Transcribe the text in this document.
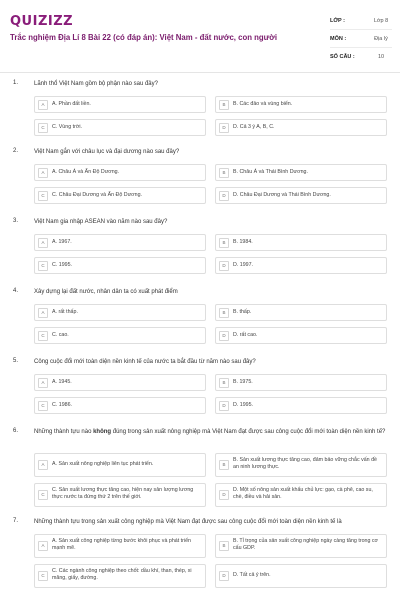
QUIZIZZ
Trắc nghiệm Địa Lí 8 Bài 22 (có đáp án): Việt Nam - đất nước, con người
LỚP :	Lớp 8
MÔN :	Địa lý
SỐ CÂU :	10
1.	Lãnh thổ Việt Nam gồm bộ phận nào sau đây?
A	A. Phần đất liền.	B	B. Các đảo và vùng biển.
C	C. Vùng trời.	D	D. Cả 3 ý A, B, C.
2.	Việt Nam gắn với châu lục và đại dương nào sau đây?
A	A. Châu Á và Ấn Độ Dương.	B	B. Châu Á và Thái Bình Dương.
C	C. Châu Đại Dương và Ấn Độ Dương.	D	D. Châu Đại Dương và Thái Bình Dương.
3.	Việt Nam gia nhập ASEAN vào năm nào sau đây?
A	A. 1967.	B	B. 1984.
C	C. 1995.	D	D. 1997.
4.	Xây dựng lại đất nước, nhân dân ta có xuất phát điểm
A	A. rất thấp.	B	B. thấp.
C	C. cao.	D	D. rất cao.
5.	Công cuộc đổi mới toàn diện nền kinh tế của nước ta bắt đầu từ năm nào sau đây?
A	A. 1945.	B	B. 1975.
C	C. 1986.	D	D. 1995.
6.	Những thành tựu nào không đúng trong sản xuất nông nghiệp mà Việt Nam đạt được sau công cuộc đổi mới toàn diện nền kinh tế?
A	A. Sản xuất nông nghiệp liên tục phát triển.	B
B. Sản xuất lương thực tăng cao, đảm bảo vững chắc vấn đề an ninh lương thực.
C
C. Sản xuất lương thực tăng cao, hiện nay sản lượng lương thực nước ta đứng thứ 2 trên thế giới.	D
D. Một số nông sản xuất khẩu chủ lực: gạo, cà phê, cao su, chè, điều và hải sản.
7.	Những thành tựu trong sản xuất công nghiệp mà Việt Nam đạt được sau công cuộc đổi mới toàn diện nền kinh tế là
A
A. Sản xuất công nghiệp từng bước khôi phục và phát triển mạnh mẽ.	B
B. Tỉ trọng của sản xuất công nghiệp ngày càng tăng trong cơ cấu GDP.
C
C. Các ngành công nghiệp theo chốt: dầu khí, than, thép, xi măng, giấy, đường.	D	D. Tất cả ý trên.
